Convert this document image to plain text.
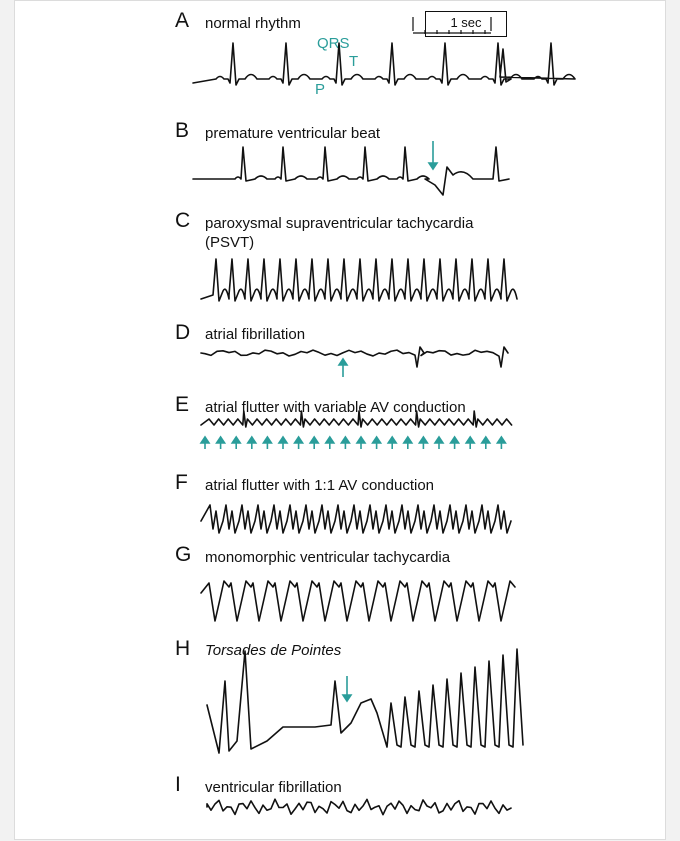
1 sec
A normal rhythm
QRS
T
P
B premature ventricular beat
C paroxysmal supraventricular tachycardia
(PSVT)
D atrial fibrillation
E atrial flutter with variable AV conduction
F atrial flutter with 1:1 AV conduction
G monomorphic ventricular tachycardia
H Torsades de Pointes
I ventricular fibrillation
